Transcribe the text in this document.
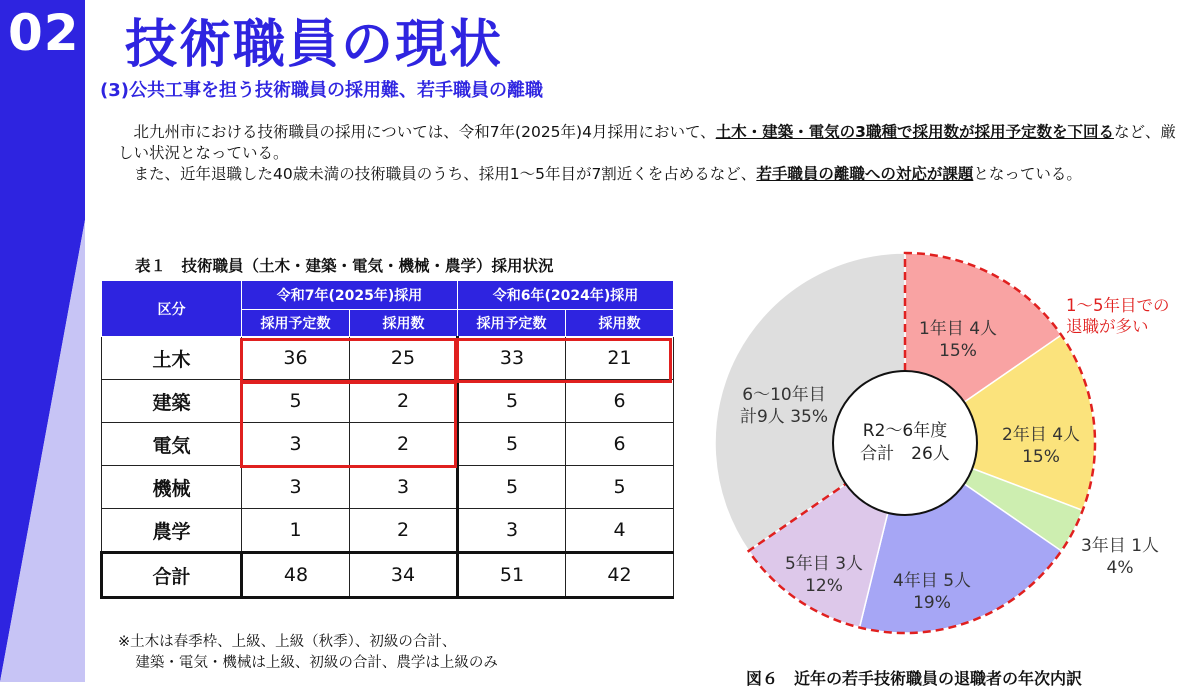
02 技術職員の現状
(3)公共工事を担う技術職員の採用難、若手職員の離職

北九州市における技術職員の採用については、令和7年(2025年)4月採用において、土木・建築・電気の3職種で採用数が採用予定数を下回るなど、厳しい状況となっている。

また、近年退職した40歳未満の技術職員のうち、採用1～5年目が7割近くを占めるなど、若手職員の離職への対応が課題となっている。

表１　技術職員（土木・建築・電気・機械・農学）採用状況
区分	令和7年(2025年)採用		令和6年(2024年)採用	
	採用予定数	採用数	採用予定数	採用数
土木	36	25	33	21
建築	5	2	5	6
電気	3	2	5	6
機械	3	3	5	5
農学	1	2	3	4
合計	48	34	51	42

※土木は春季枠、上級、上級（秋季）、初級の合計、

建築・電気・機械は上級、初級の合計、農学は上級のみ

R2～6年度
合計　26人
1年目 4人
15%
2年目 4人
15%
3年目 1人
4%
4年目 5人
19%
5年目 3人
12%
6～10年目
計9人 35%
1～5年目での
退職が多い
図６　近年の若手技術職員の退職者の年次内訳
